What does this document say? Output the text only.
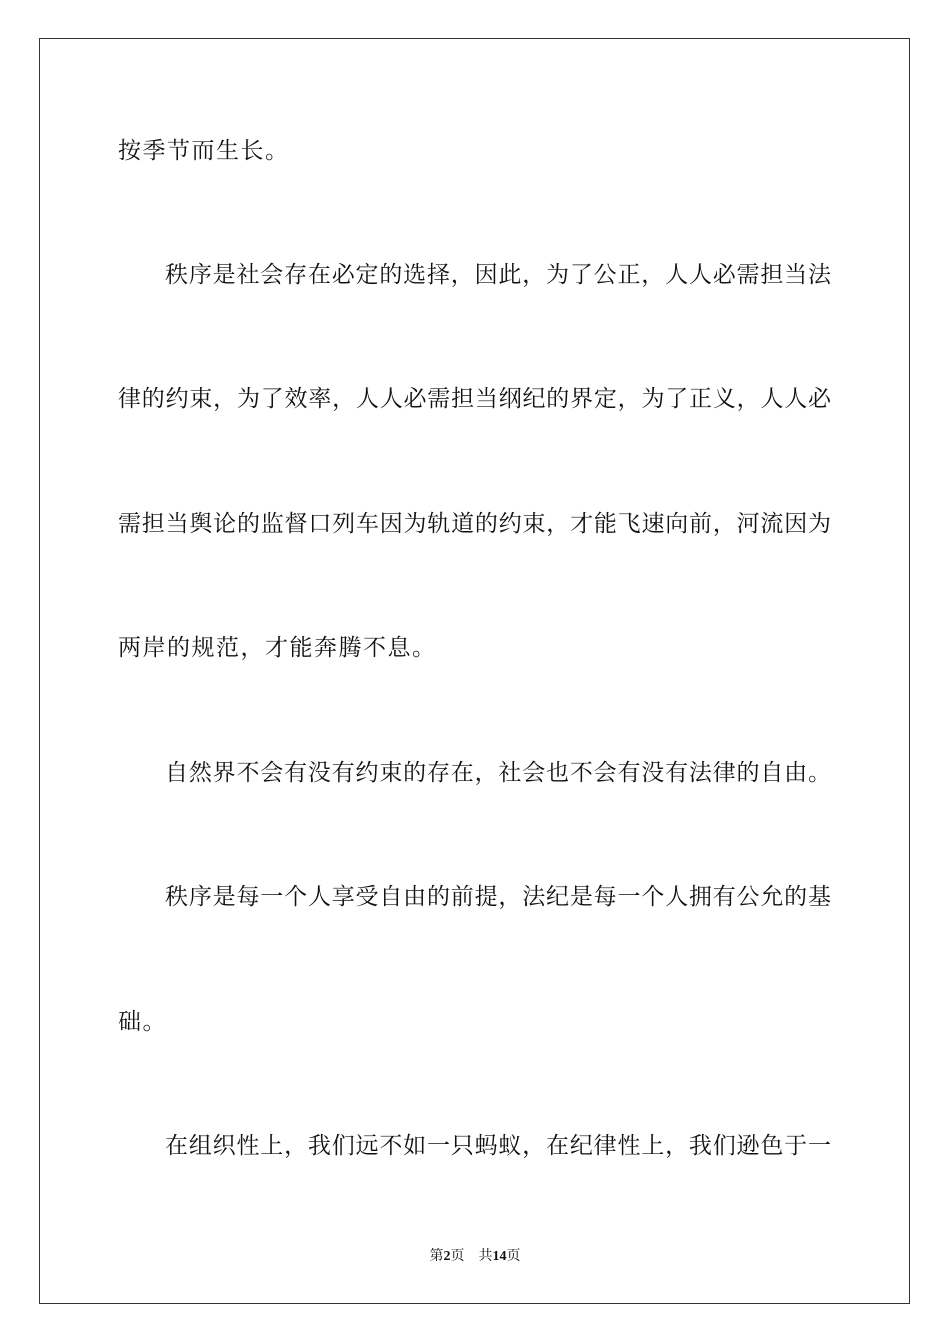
按季节而生长。
秩序是社会存在必定的选择，因此，为了公正，人人必需担当法
律的约束，为了效率，人人必需担当纲纪的界定，为了正义，人人必
需担当舆论的监督口列车因为轨道的约束，才能飞速向前，河流因为
两岸的规范，才能奔腾不息。
自然界不会有没有约束的存在，社会也不会有没有法律的自由。
秩序是每一个人享受自由的前提，法纪是每一个人拥有公允的基
础。
在组织性上，我们远不如一只蚂蚁，在纪律性上，我们逊色于一
第2页 共14页
